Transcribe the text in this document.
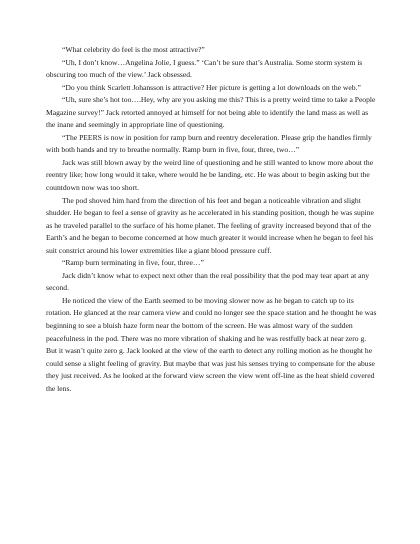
“What celebrity do feel is the most attractive?”

“Uh, I don’t know…Angelina Jolie, I guess.” ‘Can’t be sure that’s Australia. Some storm system is obscuring too much of the view.’ Jack obsessed.

“Do you think Scarlett Johansson is attractive? Her picture is getting a lot downloads on the web.”

“Uh, sure she’s hot too….Hey, why are you asking me this? This is a pretty weird time to take a People Magazine survey!” Jack retorted annoyed at himself for not being able to identify the land mass as well as the inane and seemingly in appropriate line of questioning.

“The PEERS is now in position for ramp burn and reentry deceleration. Please grip the handles firmly with both hands and try to breathe normally. Ramp burn in five, four, three, two…”

Jack was still blown away by the weird line of questioning and he still wanted to know more about the reentry like; how long would it take, where would he be landing, etc. He was about to begin asking but the countdown now was too short.

The pod shoved him hard from the direction of his feet and began a noticeable vibration and slight shudder. He began to feel a sense of gravity as he accelerated in his standing position, though he was supine as he traveled parallel to the surface of his home planet. The feeling of gravity increased beyond that of the Earth’s and he began to become concerned at how much greater it would increase when he began to feel his suit constrict around his lower extremities like a giant blood pressure cuff.

“Ramp burn terminating in five, four, three…”

Jack didn’t know what to expect next other than the real possibility that the pod may tear apart at any second.

He noticed the view of the Earth seemed to be moving slower now as he began to catch up to its rotation. He glanced at the rear camera view and could no longer see the space station and he thought he was beginning to see a bluish haze form near the bottom of the screen. He was almost wary of the sudden peacefulness in the pod. There was no more vibration of shaking and he was restfully back at near zero g. But it wasn’t quite zero g. Jack looked at the view of the earth to detect any rolling motion as he thought he could sense a slight feeling of gravity. But maybe that was just his senses trying to compensate for the abuse they just received. As he looked at the forward view screen the view went off-line as the heat shield covered the lens.
